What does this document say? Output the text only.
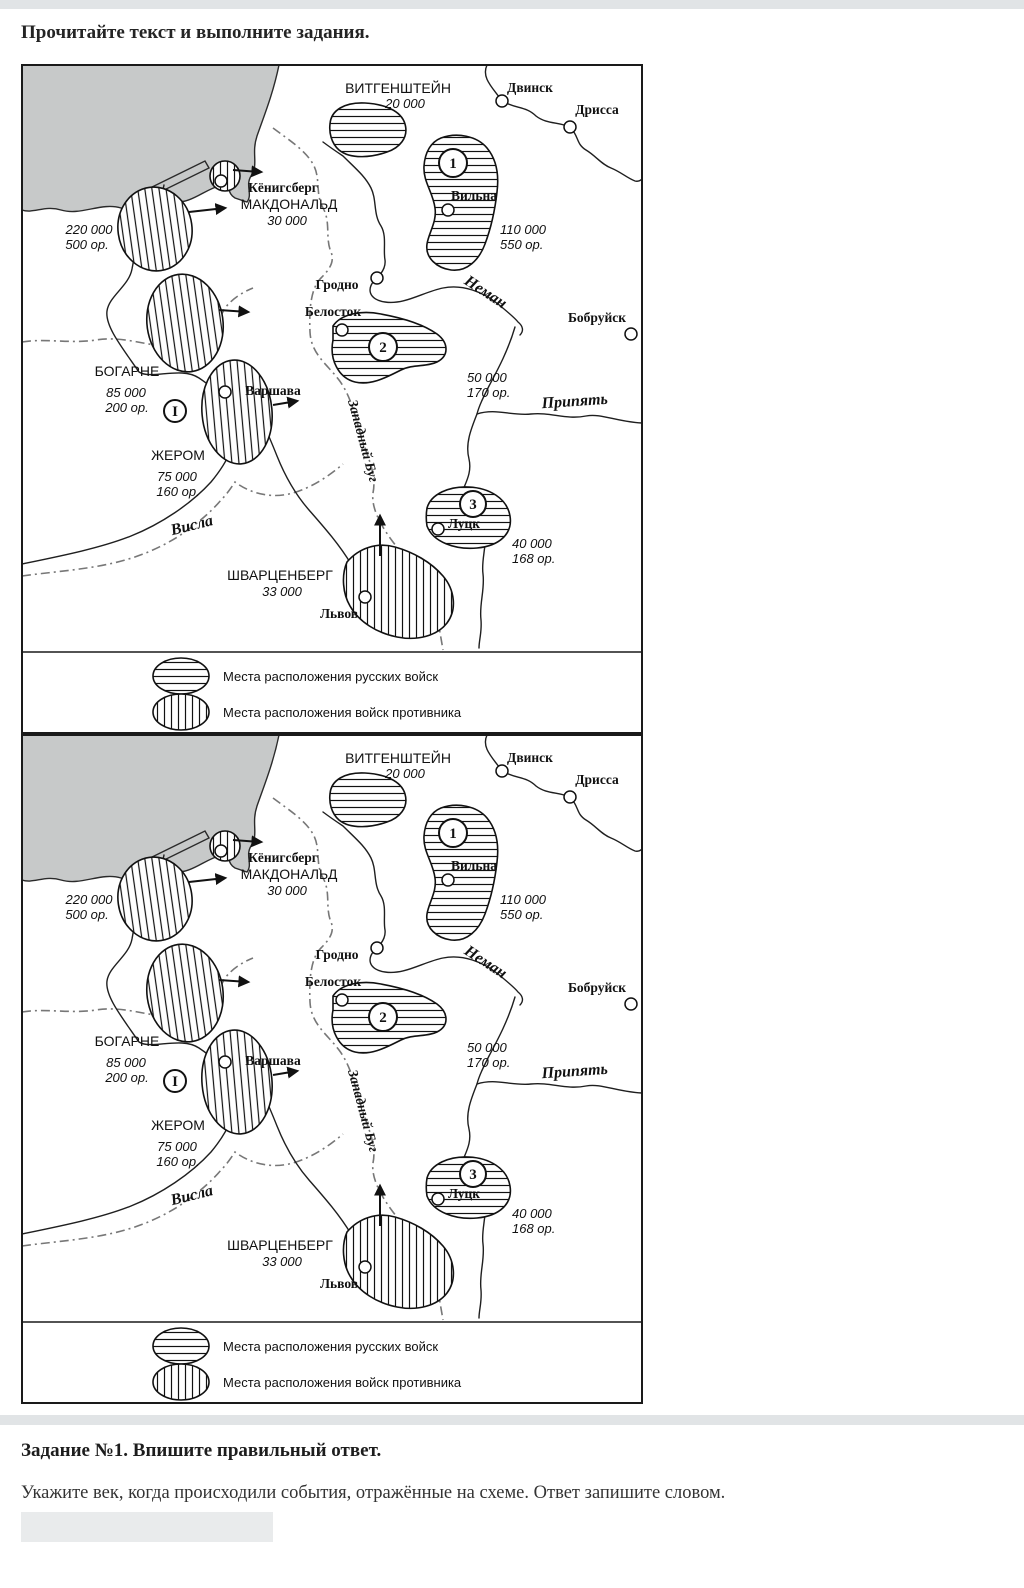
Прочитайте текст и выполните задания.
1
2
3
I
ВИТГЕНШТЕЙН
20 000
МАКДОНАЛЬД
30 000
220 000
500 ор.
110 000
550 ор.
50 000
170 ор.
БОГАРНЕ
85 000
200 ор.
ЖЕРОМ
75 000
160 ор.
40 000
168 ор.
ШВАРЦЕНБЕРГ
33 000
Двинск
Дрисса
Вильна
Кёнигсберг
Гродно
Белосток	Бобруйск
Варшава
Луцк
Львов
Неман
Припять
Западный Буг
Висла
Места расположения русских войск
Места расположения войск противника
1
2
3
I
ВИТГЕНШТЕЙН
20 000
МАКДОНАЛЬД
30 000
220 000
500 ор.
110 000
550 ор.
50 000
170 ор.
БОГАРНЕ
85 000
200 ор.
ЖЕРОМ
75 000
160 ор.
40 000
168 ор.
ШВАРЦЕНБЕРГ
33 000
Двинск
Дрисса
Вильна
Кёнигсберг
Гродно
Белосток	Бобруйск
Варшава
Луцк
Львов
Неман
Припять
Западный Буг
Висла
Места расположения русских войск
Места расположения войск противника
Задание №1. Впишите правильный ответ.

Укажите век, когда происходили события, отражённые на схеме. Ответ запишите словом.
